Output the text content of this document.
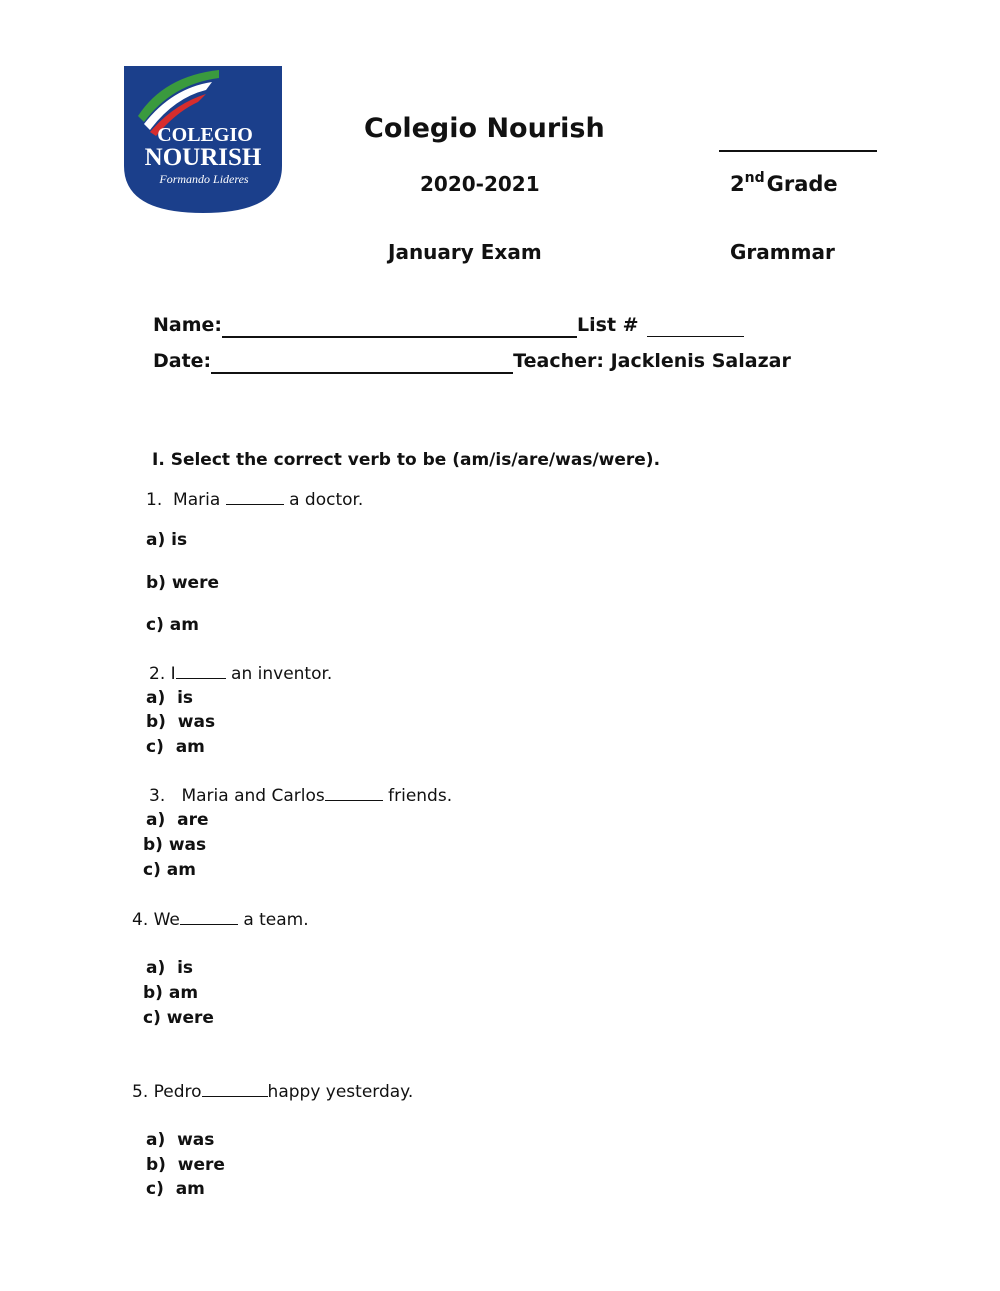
COLEGIO
NOURISH
Formando Lideres
Colegio Nourish
2020-2021	2ndGrade
January Exam	Grammar
Name:	List #
Date:	Teacher: Jacklenis Salazar
I. Select the correct verb to be (am/is/are/was/were).
1. Maria	a doctor.
a) is
b) were
c) am
2. I	an inventor.
a) is
b) was
c) am
3. Maria and Carlos	friends.
a) are
b) was
c) am
4. We	a team.
a) is
b) am
c) were
5. Pedro	happy yesterday.
a) was
b) were
c) am
